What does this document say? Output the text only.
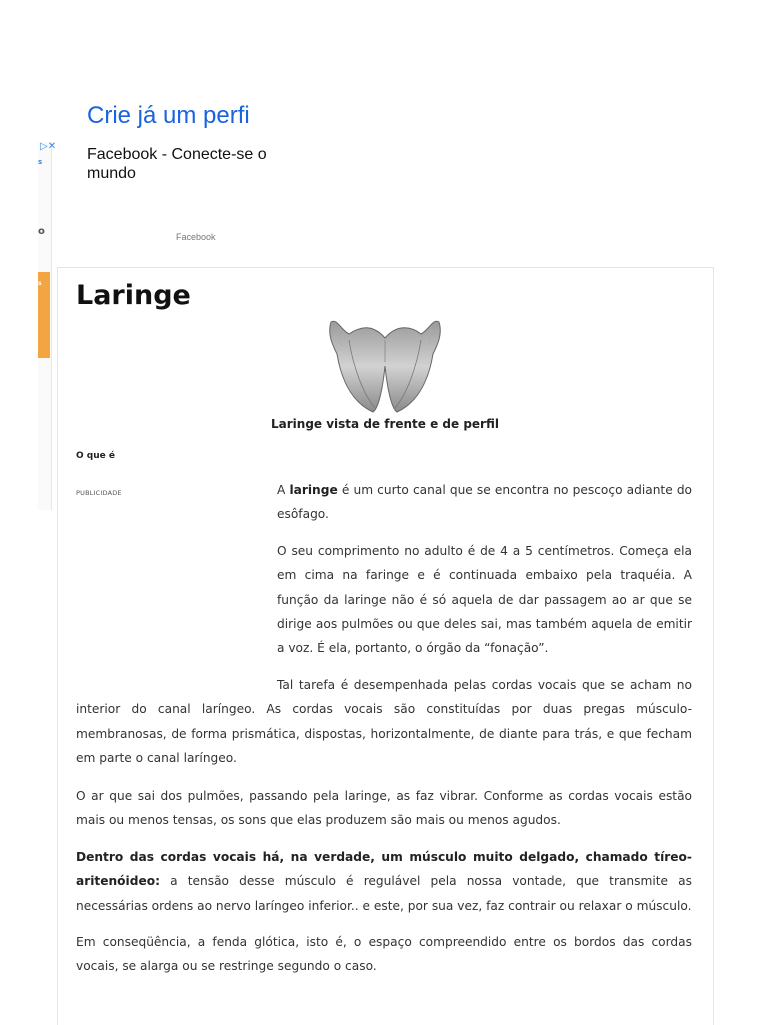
Crie já um perfi
Facebook - Conecte-se o mundo
Facebook
▷✕
s
o
s Laringe
Laringe vista de frente e de perfil
O que é
PUBLICIDADE	A laringe é um curto canal que se encontra no pescoço adiante do esôfago.

O seu comprimento no adulto é de 4 a 5 centímetros. Começa ela em cima na faringe e é continuada embaixo pela traquéia. A função da laringe não é só aquela de dar passagem ao ar que se dirige aos pulmões ou que deles sai, mas também aquela de emitir a voz. É ela, portanto, o órgão da “fonação”.

Tal tarefa é desempenhada pelas cordas vocais que se acham no interior do canal laríngeo. As cordas vocais são constituídas por duas pregas músculo-membranosas, de forma prismática, dispostas, horizontalmente, de diante para trás, e que fecham em parte o canal laríngeo.

O ar que sai dos pulmões, passando pela laringe, as faz vibrar. Conforme as cordas vocais estão mais ou menos tensas, os sons que elas produzem são mais ou menos agudos.

Dentro das cordas vocais há, na verdade, um músculo muito delgado, chamado tíreo-aritenóideo: a tensão desse músculo é regulável pela nossa vontade, que transmite as necessárias ordens ao nervo laríngeo inferior.. e este, por sua vez, faz contrair ou relaxar o músculo.

Em conseqüência, a fenda glótica, isto é, o espaço compreendido entre os bordos das cordas vocais, se alarga ou se restringe segundo o caso.
